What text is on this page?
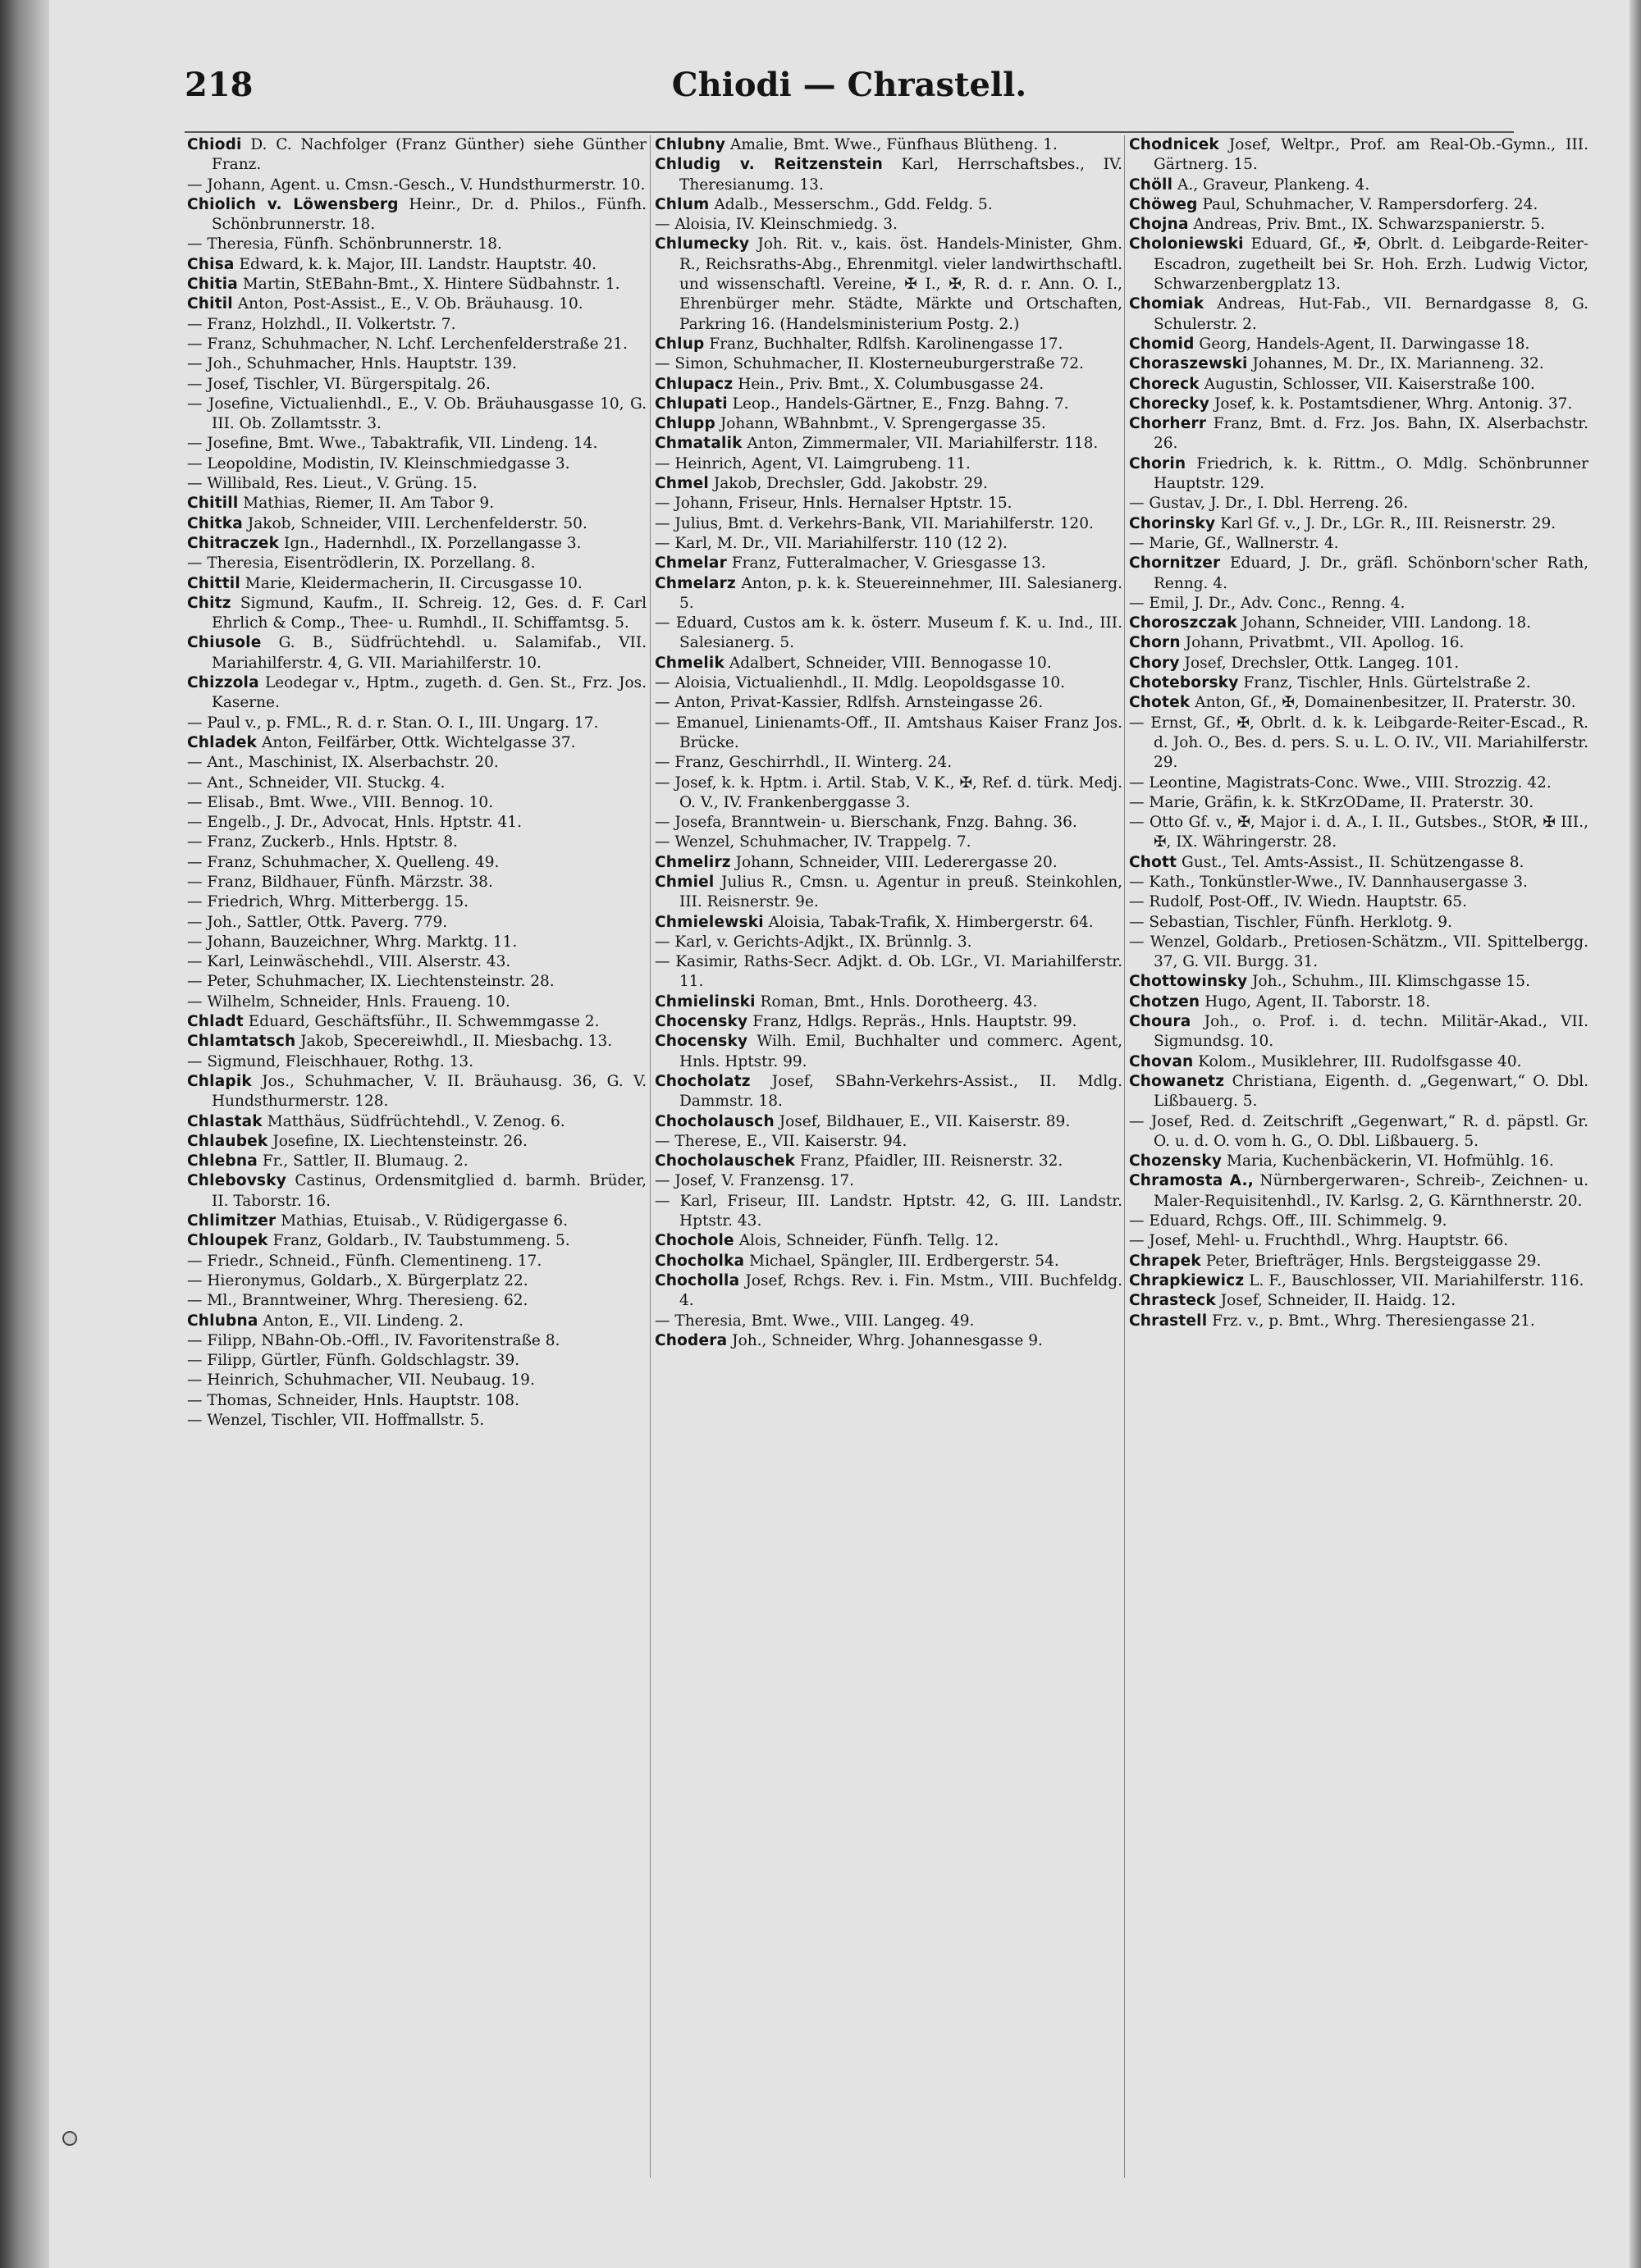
218	Chiodi — Chrastell.

Chiodi D. C. Nachfolger (Franz Günther) siehe Günther Franz.

— Johann, Agent. u. Cmsn.-Gesch., V. Hundsthurmerstr. 10.

Chiolich v. Löwensberg Heinr., Dr. d. Philos., Fünfh. Schönbrunnerstr. 18.

— Theresia, Fünfh. Schönbrunnerstr. 18.

Chisa Edward, k. k. Major, III. Landstr. Hauptstr. 40.

Chitia Martin, StEBahn-Bmt., X. Hintere Südbahnstr. 1.

Chitil Anton, Post-Assist., E., V. Ob. Bräuhausg. 10.

— Franz, Holzhdl., II. Volkertstr. 7.

— Franz, Schuhmacher, N. Lchf. Lerchenfelderstraße 21.

— Joh., Schuhmacher, Hnls. Hauptstr. 139.

— Josef, Tischler, VI. Bürgerspitalg. 26.

— Josefine, Victualienhdl., E., V. Ob. Bräuhausgasse 10, G. III. Ob. Zollamtsstr. 3.

— Josefine, Bmt. Wwe., Tabaktrafik, VII. Lindeng. 14.

— Leopoldine, Modistin, IV. Kleinschmiedgasse 3.

— Willibald, Res. Lieut., V. Grüng. 15.

Chitill Mathias, Riemer, II. Am Tabor 9.

Chitka Jakob, Schneider, VIII. Lerchenfelderstr. 50.

Chitraczek Ign., Hadernhdl., IX. Porzellangasse 3.

— Theresia, Eisentrödlerin, IX. Porzellang. 8.

Chittil Marie, Kleidermacherin, II. Circusgasse 10.

Chitz Sigmund, Kaufm., II. Schreig. 12, Ges. d. F. Carl Ehrlich & Comp., Thee- u. Rumhdl., II. Schiffamtsg. 5.

Chiusole G. B., Südfrüchtehdl. u. Salamifab., VII. Mariahilferstr. 4, G. VII. Mariahilferstr. 10.

Chizzola Leodegar v., Hptm., zugeth. d. Gen. St., Frz. Jos. Kaserne.

— Paul v., p. FML., R. d. r. Stan. O. I., III. Ungarg. 17.

Chladek Anton, Feilfärber, Ottk. Wichtelgasse 37.

— Ant., Maschinist, IX. Alserbachstr. 20.

— Ant., Schneider, VII. Stuckg. 4.

— Elisab., Bmt. Wwe., VIII. Bennog. 10.

— Engelb., J. Dr., Advocat, Hnls. Hptstr. 41.

— Franz, Zuckerb., Hnls. Hptstr. 8.

— Franz, Schuhmacher, X. Quelleng. 49.

— Franz, Bildhauer, Fünfh. Märzstr. 38.

— Friedrich, Whrg. Mitterbergg. 15.

— Joh., Sattler, Ottk. Paverg. 779.

— Johann, Bauzeichner, Whrg. Marktg. 11.

— Karl, Leinwäschehdl., VIII. Alserstr. 43.

— Peter, Schuhmacher, IX. Liechtensteinstr. 28.

— Wilhelm, Schneider, Hnls. Fraueng. 10.

Chladt Eduard, Geschäftsführ., II. Schwemmgasse 2.

Chlamtatsch Jakob, Specereiwhdl., II. Miesbachg. 13.

— Sigmund, Fleischhauer, Rothg. 13.

Chlapik Jos., Schuhmacher, V. II. Bräuhausg. 36, G. V. Hundsthurmerstr. 128.

Chlastak Matthäus, Südfrüchtehdl., V. Zenog. 6.

Chlaubek Josefine, IX. Liechtensteinstr. 26.

Chlebna Fr., Sattler, II. Blumaug. 2.

Chlebovsky Castinus, Ordensmitglied d. barmh. Brüder, II. Taborstr. 16.

Chlimitzer Mathias, Etuisab., V. Rüdigergasse 6.

Chloupek Franz, Goldarb., IV. Taubstummeng. 5.

— Friedr., Schneid., Fünfh. Clementineng. 17.

— Hieronymus, Goldarb., X. Bürgerplatz 22.

— Ml., Branntweiner, Whrg. Theresieng. 62.

Chlubna Anton, E., VII. Lindeng. 2.

— Filipp, NBahn-Ob.-Offl., IV. Favoritenstraße 8.

— Filipp, Gürtler, Fünfh. Goldschlagstr. 39.

— Heinrich, Schuhmacher, VII. Neubaug. 19.

— Thomas, Schneider, Hnls. Hauptstr. 108.

— Wenzel, Tischler, VII. Hoffmallstr. 5.

Chlubny Amalie, Bmt. Wwe., Fünfhaus Blütheng. 1.

Chludig v. Reitzenstein Karl, Herrschaftsbes., IV. Theresianumg. 13.

Chlum Adalb., Messerschm., Gdd. Feldg. 5.

— Aloisia, IV. Kleinschmiedg. 3.

Chlumecky Joh. Rit. v., kais. öst. Handels-Minister, Ghm. R., Reichsraths-Abg., Ehrenmitgl. vieler landwirthschaftl. und wissenschaftl. Vereine, ✠ I., ✠, R. d. r. Ann. O. I., Ehrenbürger mehr. Städte, Märkte und Ortschaften, Parkring 16. (Handelsministerium Postg. 2.)

Chlup Franz, Buchhalter, Rdlfsh. Karolinengasse 17.

— Simon, Schuhmacher, II. Klosterneuburgerstraße 72.

Chlupacz Hein., Priv. Bmt., X. Columbusgasse 24.

Chlupati Leop., Handels-Gärtner, E., Fnzg. Bahng. 7.

Chlupp Johann, WBahnbmt., V. Sprengergasse 35.

Chmatalik Anton, Zimmermaler, VII. Mariahilferstr. 118.

— Heinrich, Agent, VI. Laimgrubeng. 11.

Chmel Jakob, Drechsler, Gdd. Jakobstr. 29.

— Johann, Friseur, Hnls. Hernalser Hptstr. 15.

— Julius, Bmt. d. Verkehrs-Bank, VII. Mariahilferstr. 120.

— Karl, M. Dr., VII. Mariahilferstr. 110 (12 2).

Chmelar Franz, Futteralmacher, V. Griesgasse 13.

Chmelarz Anton, p. k. k. Steuereinnehmer, III. Salesianerg. 5.

— Eduard, Custos am k. k. österr. Museum f. K. u. Ind., III. Salesianerg. 5.

Chmelik Adalbert, Schneider, VIII. Bennogasse 10.

— Aloisia, Victualienhdl., II. Mdlg. Leopoldsgasse 10.

— Anton, Privat-Kassier, Rdlfsh. Arnsteingasse 26.

— Emanuel, Linienamts-Off., II. Amtshaus Kaiser Franz Jos. Brücke.

— Franz, Geschirrhdl., II. Winterg. 24.

— Josef, k. k. Hptm. i. Artil. Stab, V. K., ✠, Ref. d. türk. Medj. O. V., IV. Frankenberggasse 3.

— Josefa, Branntwein- u. Bierschank, Fnzg. Bahng. 36.

— Wenzel, Schuhmacher, IV. Trappelg. 7.

Chmelirz Johann, Schneider, VIII. Lederergasse 20.

Chmiel Julius R., Cmsn. u. Agentur in preuß. Steinkohlen, III. Reisnerstr. 9e.

Chmielewski Aloisia, Tabak-Trafik, X. Himbergerstr. 64.

— Karl, v. Gerichts-Adjkt., IX. Brünnlg. 3.

— Kasimir, Raths-Secr. Adjkt. d. Ob. LGr., VI. Mariahilferstr. 11.

Chmielinski Roman, Bmt., Hnls. Dorotheerg. 43.

Chocensky Franz, Hdlgs. Repräs., Hnls. Hauptstr. 99.

Chocensky Wilh. Emil, Buchhalter und commerc. Agent, Hnls. Hptstr. 99.

Chocholatz Josef, SBahn-Verkehrs-Assist., II. Mdlg. Dammstr. 18.

Chocholausch Josef, Bildhauer, E., VII. Kaiserstr. 89.

— Therese, E., VII. Kaiserstr. 94.

Chocholauschek Franz, Pfaidler, III. Reisnerstr. 32.

— Josef, V. Franzensg. 17.

— Karl, Friseur, III. Landstr. Hptstr. 42, G. III. Landstr. Hptstr. 43.

Chochole Alois, Schneider, Fünfh. Tellg. 12.

Chocholka Michael, Spängler, III. Erdbergerstr. 54.

Chocholla Josef, Rchgs. Rev. i. Fin. Mstm., VIII. Buchfeldg. 4.

— Theresia, Bmt. Wwe., VIII. Langeg. 49.

Chodera Joh., Schneider, Whrg. Johannesgasse 9.

Chodnicek Josef, Weltpr., Prof. am Real-Ob.-Gymn., III. Gärtnerg. 15.

Chöll A., Graveur, Plankeng. 4.

Chöweg Paul, Schuhmacher, V. Rampersdorferg. 24.

Chojna Andreas, Priv. Bmt., IX. Schwarzspanierstr. 5.

Choloniewski Eduard, Gf., ✠, Obrlt. d. Leibgarde-Reiter-Escadron, zugetheilt bei Sr. Hoh. Erzh. Ludwig Victor, Schwarzenbergplatz 13.

Chomiak Andreas, Hut-Fab., VII. Bernardgasse 8, G. Schulerstr. 2.

Chomid Georg, Handels-Agent, II. Darwingasse 18.

Choraszewski Johannes, M. Dr., IX. Marianneng. 32.

Choreck Augustin, Schlosser, VII. Kaiserstraße 100.

Chorecky Josef, k. k. Postamtsdiener, Whrg. Antonig. 37.

Chorherr Franz, Bmt. d. Frz. Jos. Bahn, IX. Alserbachstr. 26.

Chorin Friedrich, k. k. Rittm., O. Mdlg. Schönbrunner Hauptstr. 129.

— Gustav, J. Dr., I. Dbl. Herreng. 26.

Chorinsky Karl Gf. v., J. Dr., LGr. R., III. Reisnerstr. 29.

— Marie, Gf., Wallnerstr. 4.

Chornitzer Eduard, J. Dr., gräfl. Schönborn'scher Rath, Renng. 4.

— Emil, J. Dr., Adv. Conc., Renng. 4.

Choroszczak Johann, Schneider, VIII. Landong. 18.

Chorn Johann, Privatbmt., VII. Apollog. 16.

Chory Josef, Drechsler, Ottk. Langeg. 101.

Choteborsky Franz, Tischler, Hnls. Gürtelstraße 2.

Chotek Anton, Gf., ✠, Domainenbesitzer, II. Praterstr. 30.

— Ernst, Gf., ✠, Obrlt. d. k. k. Leibgarde-Reiter-Escad., R. d. Joh. O., Bes. d. pers. S. u. L. O. IV., VII. Mariahilferstr. 29.

— Leontine, Magistrats-Conc. Wwe., VIII. Strozzig. 42.

— Marie, Gräfin, k. k. StKrzODame, II. Praterstr. 30.

— Otto Gf. v., ✠, Major i. d. A., I. II., Gutsbes., StOR, ✠ III., ✠, IX. Währingerstr. 28.

Chott Gust., Tel. Amts-Assist., II. Schützengasse 8.

— Kath., Tonkünstler-Wwe., IV. Dannhausergasse 3.

— Rudolf, Post-Off., IV. Wiedn. Hauptstr. 65.

— Sebastian, Tischler, Fünfh. Herklotg. 9.

— Wenzel, Goldarb., Pretiosen-Schätzm., VII. Spittelbergg. 37, G. VII. Burgg. 31.

Chottowinsky Joh., Schuhm., III. Klimschgasse 15.

Chotzen Hugo, Agent, II. Taborstr. 18.

Choura Joh., o. Prof. i. d. techn. Militär-Akad., VII. Sigmundsg. 10.

Chovan Kolom., Musiklehrer, III. Rudolfsgasse 40.

Chowanetz Christiana, Eigenth. d. „Gegenwart,“ O. Dbl. Lißbauerg. 5.

— Josef, Red. d. Zeitschrift „Gegenwart,“ R. d. päpstl. Gr. O. u. d. O. vom h. G., O. Dbl. Lißbauerg. 5.

Chozensky Maria, Kuchenbäckerin, VI. Hofmühlg. 16.

Chramosta A., Nürnbergerwaren-, Schreib-, Zeichnen- u. Maler-Requisitenhdl., IV. Karlsg. 2, G. Kärnthnerstr. 20.

— Eduard, Rchgs. Off., III. Schimmelg. 9.

— Josef, Mehl- u. Fruchthdl., Whrg. Hauptstr. 66.

Chrapek Peter, Briefträger, Hnls. Bergsteiggasse 29.

Chrapkiewicz L. F., Bauschlosser, VII. Mariahilferstr. 116.

Chrasteck Josef, Schneider, II. Haidg. 12.

Chrastell Frz. v., p. Bmt., Whrg. Theresiengasse 21.
